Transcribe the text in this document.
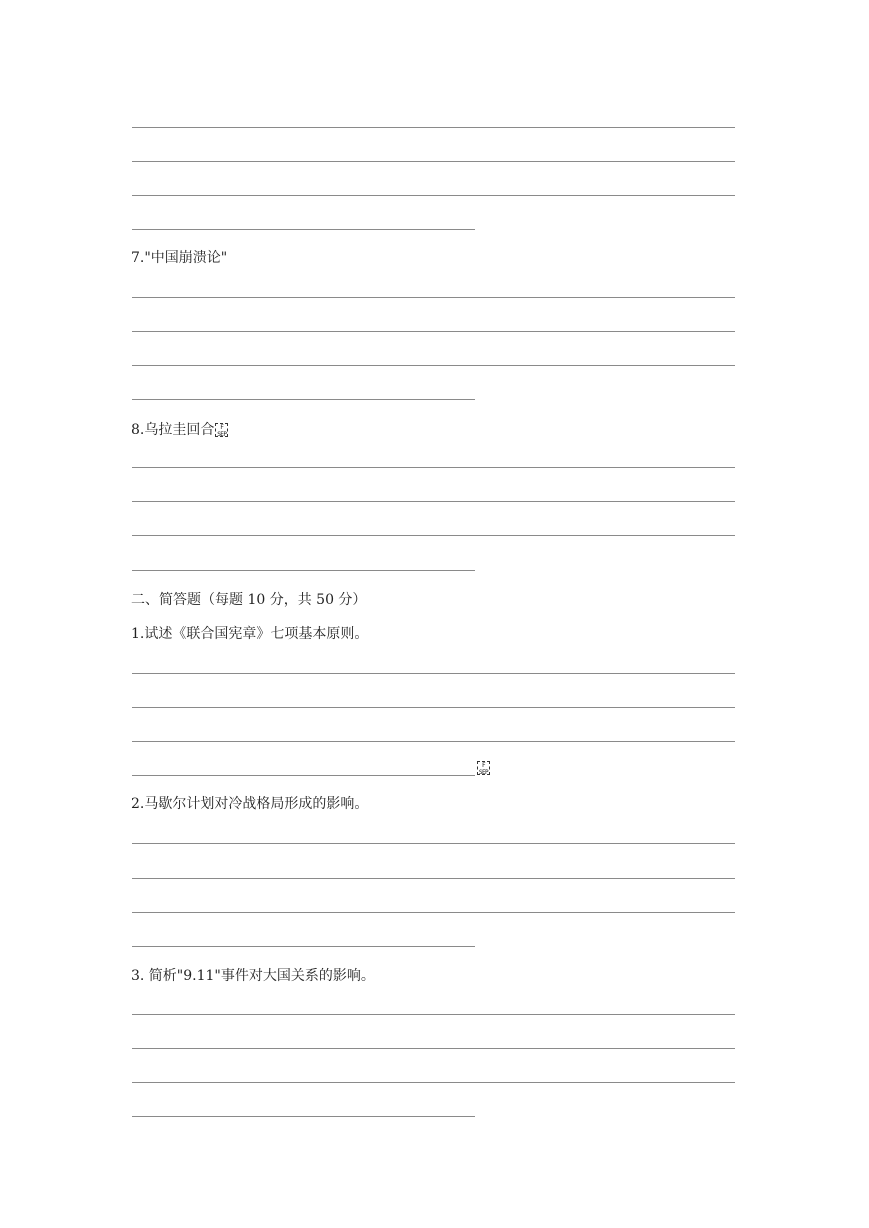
7."中国崩溃论"
8.乌拉圭回合 F
SEP
二、简答题（每题 10 分，共 50 分）
1.试述《联合国宪章》七项基本原则。
F
SEP
2.马歇尔计划对冷战格局形成的影响。
3. 简析"9.11"事件对大国关系的影响。
